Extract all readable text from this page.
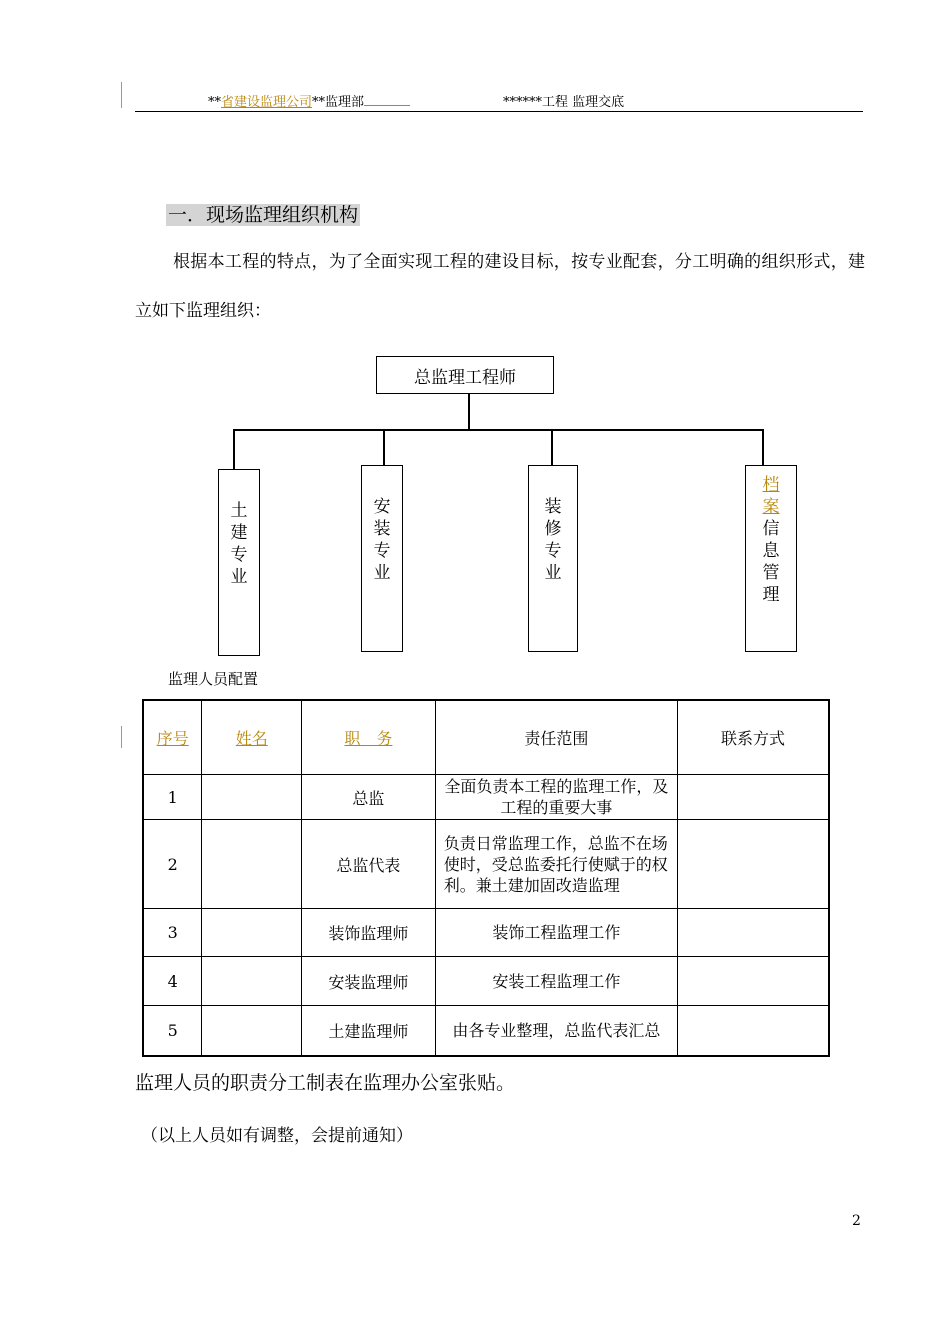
**省建设监理公司**监理部	******工程 监理交底
一．现场监理组织机构
根据本工程的特点，为了全面实现工程的建设目标，按专业配套，分工明确的组织形式，建立如下监理组织：
总监理工程师
土
建
专
业
安
装
专
业
装
修
专
业
档
案
信
息
管
理
监理人员配置
序号	姓名	职　务	责任范围	联系方式
1		总监	全面负责本工程的监理工作，及工程的重要大事	
2		总监代表	负责日常监理工作，总监不在场使时，受总监委托行使赋于的权利。兼土建加固改造监理	
3		装饰监理师	装饰工程监理工作	
4		安装监理师	安装工程监理工作	
5		土建监理师	由各专业整理，总监代表汇总	
监理人员的职责分工制表在监理办公室张贴。
（以上人员如有调整，会提前通知）
2
